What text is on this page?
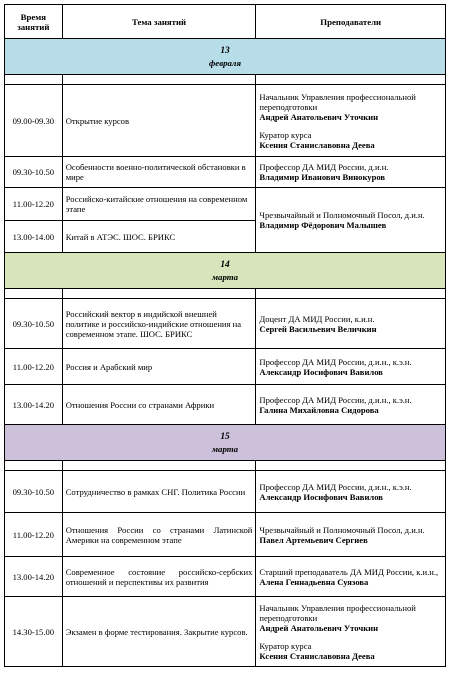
Время занятий	Тема занятий	Преподаватели

13
февраля		

09.00-09.30	Открытие курсов	Начальник Управления профессиональной переподготовки
Андрей Анатольевич Уточкин
Куратор курса
Ксения Станиславовна Деева

09.30-10.50	Особенности военно-политической обстановки в мире	Профессор ДА МИД России, д.и.н.
Владимир Иванович Винокуров

11.00-12.20	Российско-китайские отношения на современном этапе	Чрезвычайный и Полномочный Посол, д.и.н.
Владимир Фёдорович Малышев

13.00-14.00	Китай в АТЭС. ШОС. БРИКС	

14
марта		

09.30-10.50	Российский вектор в индийской внешней политике и российско-индийские отношения на современном этапе. ШОС. БРИКС	Доцент ДА МИД России, к.и.н.
Сергей Васильевич Величкин

11.00-12.20	Россия и Арабский мир	Профессор ДА МИД России, д.и.н., к.э.н.
Александр Иосифович Вавилов

13.00-14.20	Отношения России со странами Африки	Профессор ДА МИД России, д.и.н., к.э.н.
Галина Михайловна Сидорова

15
марта		

09.30-10.50	Сотрудничество в рамках СНГ. Политика России	Профессор ДА МИД России, д.и.н., к.э.н.
Александр Иосифович Вавилов

11.00-12.20	Отношения России со странами Латинской Америки на современном этапе	Чрезвычайный и Полномочный Посол, д.и.н.
Павел Артемьевич Сергиев

13.00-14.20	Современное состояние российско-сербских отношений и перспективы их развития	Старший преподаватель ДА МИД России, к.и.н.,
Алена Геннадьевна Суязова

14.30-15.00	Экзамен в форме тестирования. Закрытие курсов.	Начальник Управления профессиональной переподготовки
Андрей Анатольевич Уточкин
Куратор курса
Ксения Станиславовна Деева
